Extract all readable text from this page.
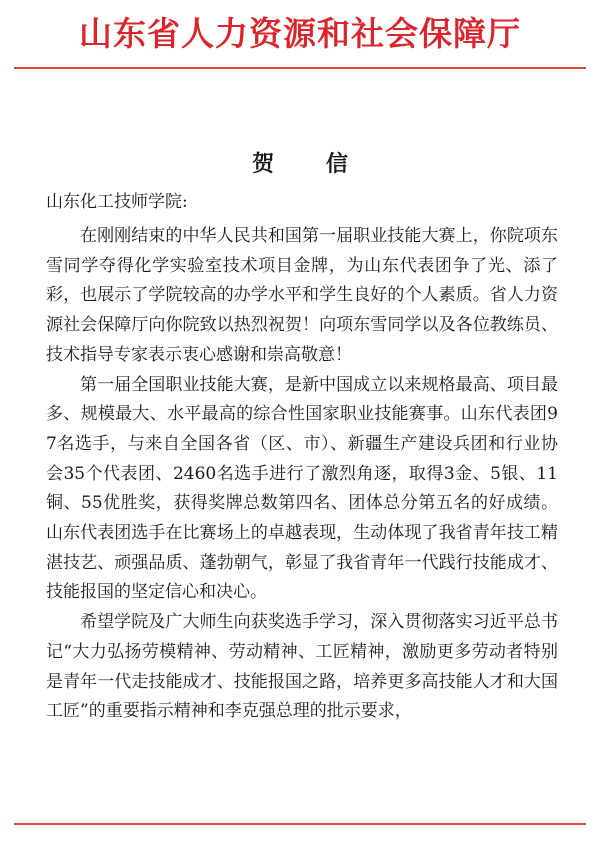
山东省人力资源和社会保障厅
贺 信
山东化工技师学院:

在刚刚结束的中华人民共和国第一届职业技能大赛上，你院项东雪同学夺得化学实验室技术项目金牌，为山东代表团争了光、添了彩，也展示了学院较高的办学水平和学生良好的个人素质。省人力资源社会保障厅向你院致以热烈祝贺！向项东雪同学以及各位教练员、技术指导专家表示衷心感谢和崇高敬意！

第一届全国职业技能大赛，是新中国成立以来规格最高、项目最多、规模最大、水平最高的综合性国家职业技能赛事。山东代表团97名选手，与来自全国各省（区、市）、新疆生产建设兵团和行业协会35个代表团、2460名选手进行了激烈角逐，取得3金、5银、11铜、55优胜奖，获得奖牌总数第四名、团体总分第五名的好成绩。山东代表团选手在比赛场上的卓越表现，生动体现了我省青年技工精湛技艺、顽强品质、蓬勃朝气，彰显了我省青年一代践行技能成才、技能报国的坚定信心和决心。

希望学院及广大师生向获奖选手学习，深入贯彻落实习近平总书记“大力弘扬劳模精神、劳动精神、工匠精神，激励更多劳动者特别是青年一代走技能成才、技能报国之路，培养更多高技能人才和大国工匠”的重要指示精神和李克强总理的批示要求，
